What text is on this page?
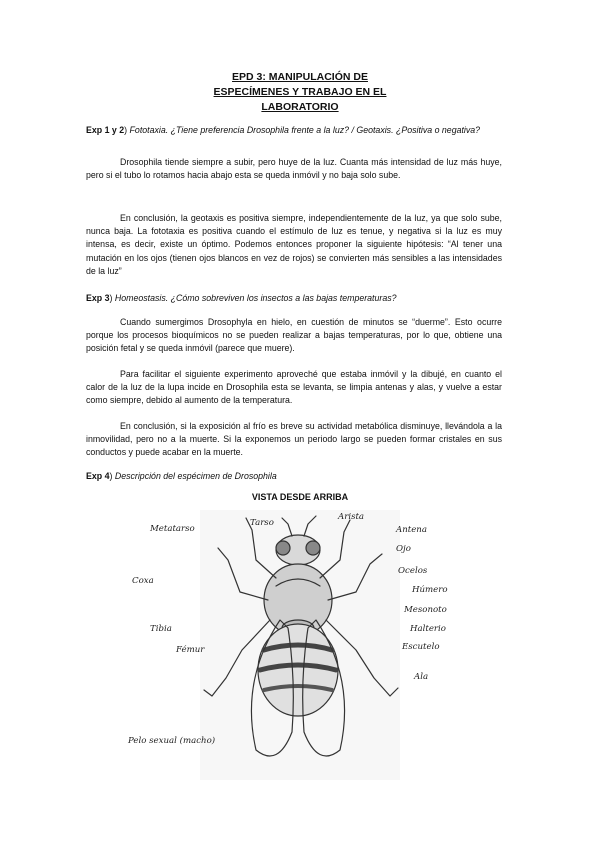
EPD 3: MANIPULACIÓN DE
ESPECÍMENES Y TRABAJO EN EL
LABORATORIO

Exp 1 y 2) Fototaxia. ¿Tiene preferencia Drosophila frente a la luz? / Geotaxis. ¿Positiva o negativa?

Drosophila tiende siempre a subir, pero huye de la luz. Cuanta más intensidad de luz más huye, pero si el tubo lo rotamos hacia abajo esta se queda inmóvil y no baja solo sube.

En conclusión, la geotaxis es positiva siempre, independientemente de la luz, ya que solo sube, nunca baja. La fototaxia es positiva cuando el estímulo de luz es tenue, y negativa si la luz es muy intensa, es decir, existe un óptimo. Podemos entonces proponer la siguiente hipótesis: “Al tener una mutación en los ojos (tienen ojos blancos en vez de rojos) se convierten más sensibles a las intensidades de la luz”

Exp 3) Homeostasis. ¿Cómo sobreviven los insectos a las bajas temperaturas?

Cuando sumergimos Drosophyla en hielo, en cuestión de minutos se “duerme”. Esto ocurre porque los procesos bioquímicos no se pueden realizar a bajas temperaturas, por lo que, obtiene una posición fetal y se queda inmóvil (parece que muere).

Para facilitar el siguiente experimento aproveché que estaba inmóvil y la dibujé, en cuanto el calor de la luz de la lupa incide en Drosophila esta se levanta, se limpia antenas y alas, y vuelve a estar como siempre, debido al aumento de la temperatura.

En conclusión, si la exposición al frío es breve su actividad metabólica disminuye, llevándola a la inmovilidad, pero no a la muerte. Si la exponemos un periodo largo se pueden formar cristales en sus conductos y puede acabar en la muerte.

Exp 4) Descripción del espécimen de Drosophila

VISTA DESDE ARRIBA
Arista
Tarso
Metatarso	Antena
Ojo
Ocelos
Coxa
Húmero
Mesonoto
Tibia	Halterio
Fémur	Escutelo
Ala
Pelo sexual (macho)
